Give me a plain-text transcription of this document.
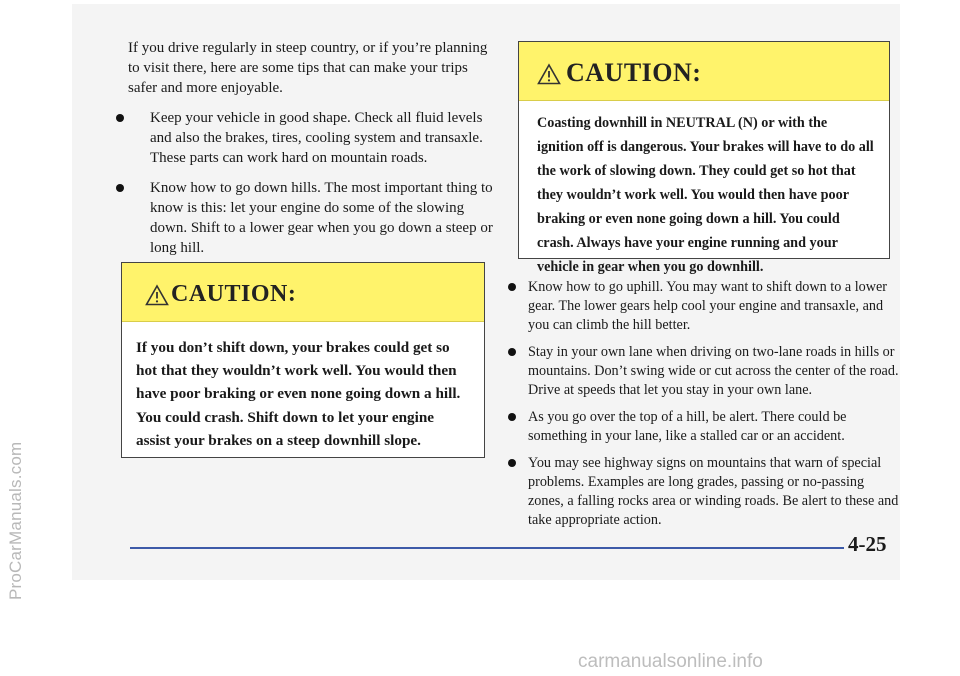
ProCarManuals.com

If you drive regularly in steep country, or if you’re planning to visit there, here are some tips that can make your trips safer and more enjoyable.

Keep your vehicle in good shape. Check all fluid levels and also the brakes, tires, cooling system and transaxle. These parts can work hard on mountain roads.
Know how to go down hills. The most important thing to know is this: let your engine do some of the slowing down. Shift to a lower gear when you go down a steep or long hill.
CAUTION:
If you don’t shift down, your brakes could get so hot that they wouldn’t work well. You would then have poor braking or even none going down a hill. You could crash. Shift down to let your engine assist your brakes on a steep downhill slope.
CAUTION:
Coasting downhill in NEUTRAL (N) or with the ignition off is dangerous. Your brakes will have to do all the work of slowing down. They could get so hot that they wouldn’t work well. You would then have poor braking or even none going down a hill. You could crash. Always have your engine running and your vehicle in gear when you go downhill.
Know how to go uphill. You may want to shift down to a lower gear. The lower gears help cool your engine and transaxle, and you can climb the hill better.
Stay in your own lane when driving on two-lane roads in hills or mountains. Don’t swing wide or cut across the center of the road. Drive at speeds that let you stay in your own lane.
As you go over the top of a hill, be alert. There could be something in your lane, like a stalled car or an accident.
You may see highway signs on mountains that warn of special problems. Examples are long grades, passing or no-passing zones, a falling rocks area or winding roads. Be alert to these and take appropriate action.
4-25
carmanualsonline.info
